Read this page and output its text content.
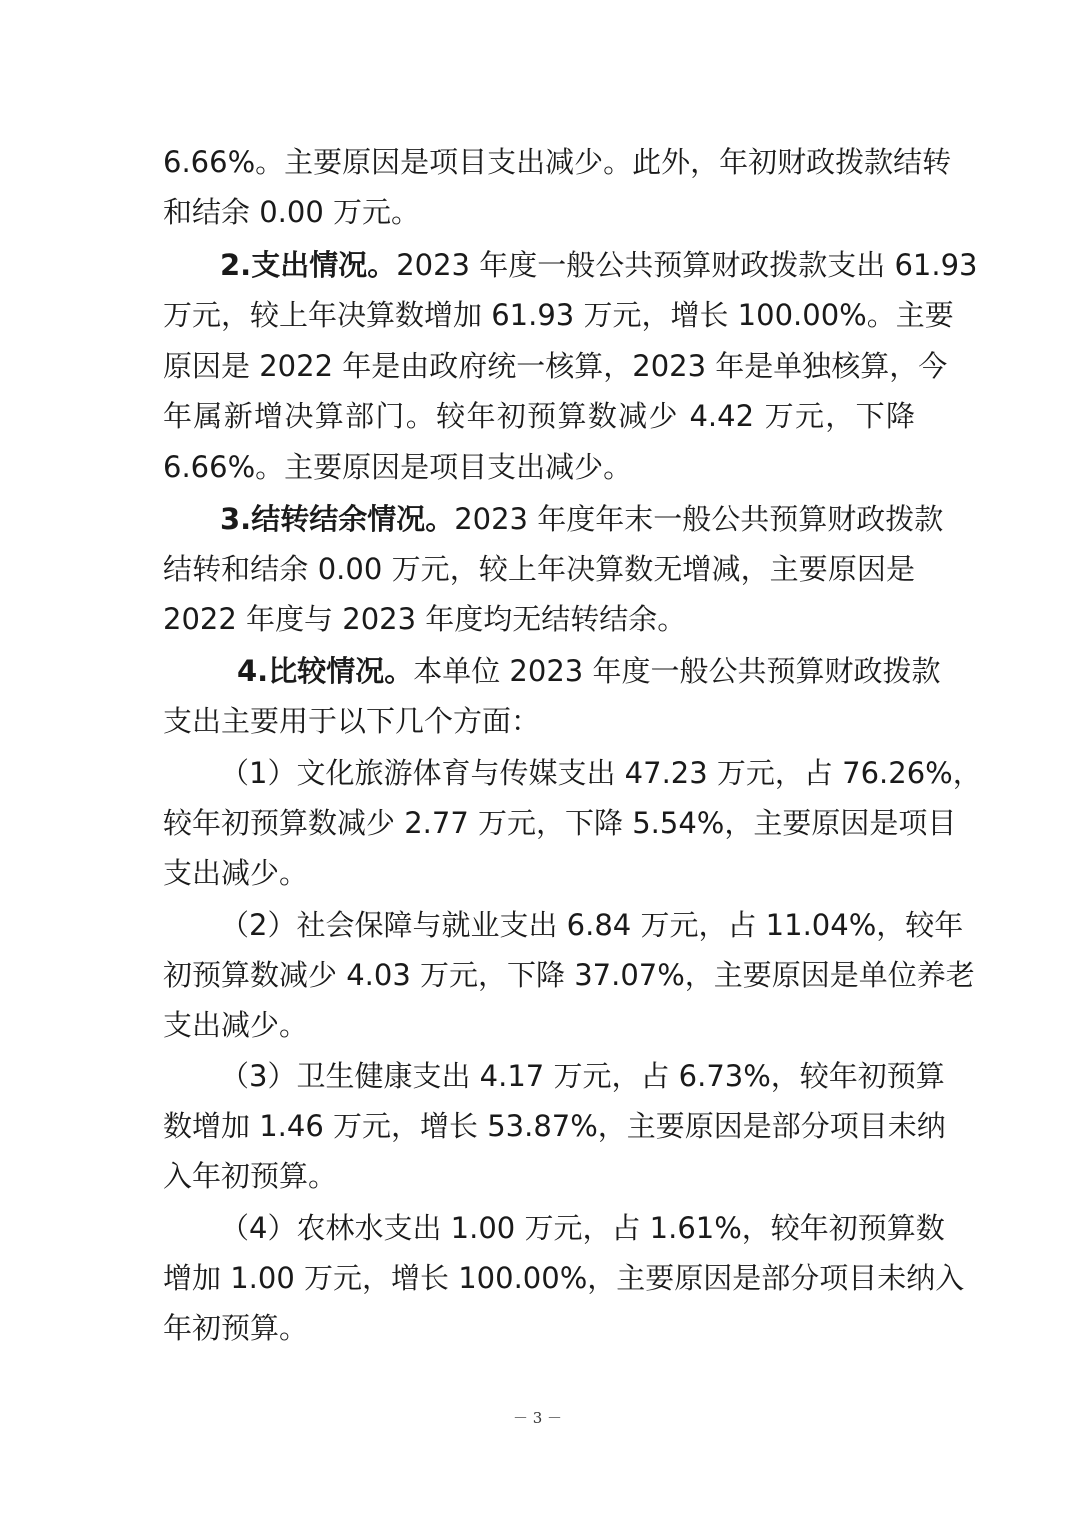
6.66%。主要原因是项目支出减少。此外，年初财政拨款结转
和结余 0.00 万元。
2.支出情况。2023 年度一般公共预算财政拨款支出 61.93
万元，较上年决算数增加 61.93 万元，增长 100.00%。主要
原因是 2022 年是由政府统一核算，2023 年是单独核算，今
年属新增决算部门。较年初预算数减少 4.42 万元，下降
6.66%。主要原因是项目支出减少。
3.结转结余情况。2023 年度年末一般公共预算财政拨款
结转和结余 0.00 万元，较上年决算数无增减，主要原因是
2022 年度与 2023 年度均无结转结余。
4.比较情况。本单位 2023 年度一般公共预算财政拨款
支出主要用于以下几个方面：
（1）文化旅游体育与传媒支出 47.23 万元，占 76.26%，
较年初预算数减少 2.77 万元，下降 5.54%，主要原因是项目
支出减少。
（2）社会保障与就业支出 6.84 万元，占 11.04%，较年
初预算数减少 4.03 万元，下降 37.07%，主要原因是单位养老
支出减少。
（3）卫生健康支出 4.17 万元，占 6.73%，较年初预算
数增加 1.46 万元，增长 53.87%，主要原因是部分项目未纳
入年初预算。
（4）农林水支出 1.00 万元，占 1.61%，较年初预算数
增加 1.00 万元，增长 100.00%，主要原因是部分项目未纳入
年初预算。
－ 3 －
